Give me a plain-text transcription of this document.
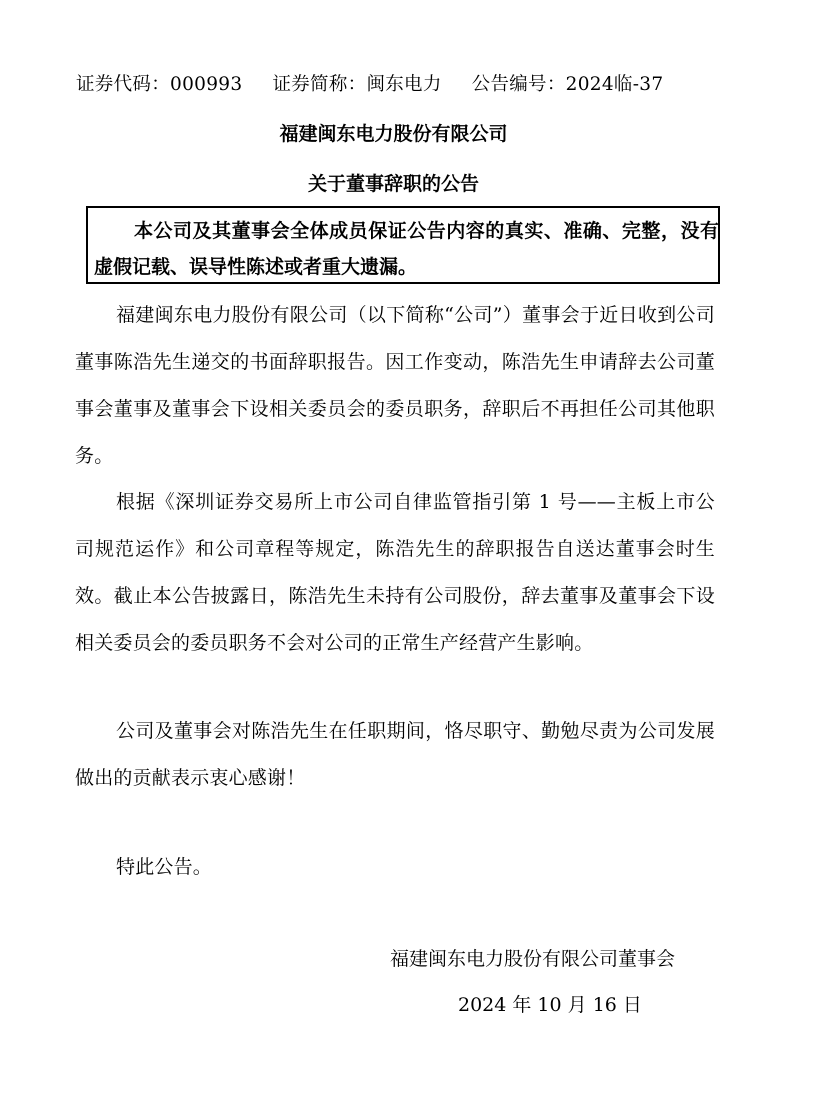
证券代码：000993 证券简称：闽东电力 公告编号：2024临-37
福建闽东电力股份有限公司
关于董事辞职的公告
本公司及其董事会全体成员保证公告内容的真实、准确、完整，没有虚假记载、误导性陈述或者重大遗漏。
福建闽东电力股份有限公司（以下简称“公司”）董事会于近日收到公司董事陈浩先生递交的书面辞职报告。因工作变动，陈浩先生申请辞去公司董事会董事及董事会下设相关委员会的委员职务，辞职后不再担任公司其他职务。
根据《深圳证券交易所上市公司自律监管指引第 1 号——主板上市公司规范运作》和公司章程等规定，陈浩先生的辞职报告自送达董事会时生效。截止本公告披露日，陈浩先生未持有公司股份，辞去董事及董事会下设相关委员会的委员职务不会对公司的正常生产经营产生影响。
公司及董事会对陈浩先生在任职期间，恪尽职守、勤勉尽责为公司发展做出的贡献表示衷心感谢！
特此公告。
福建闽东电力股份有限公司董事会
2024 年 10 月 16 日
